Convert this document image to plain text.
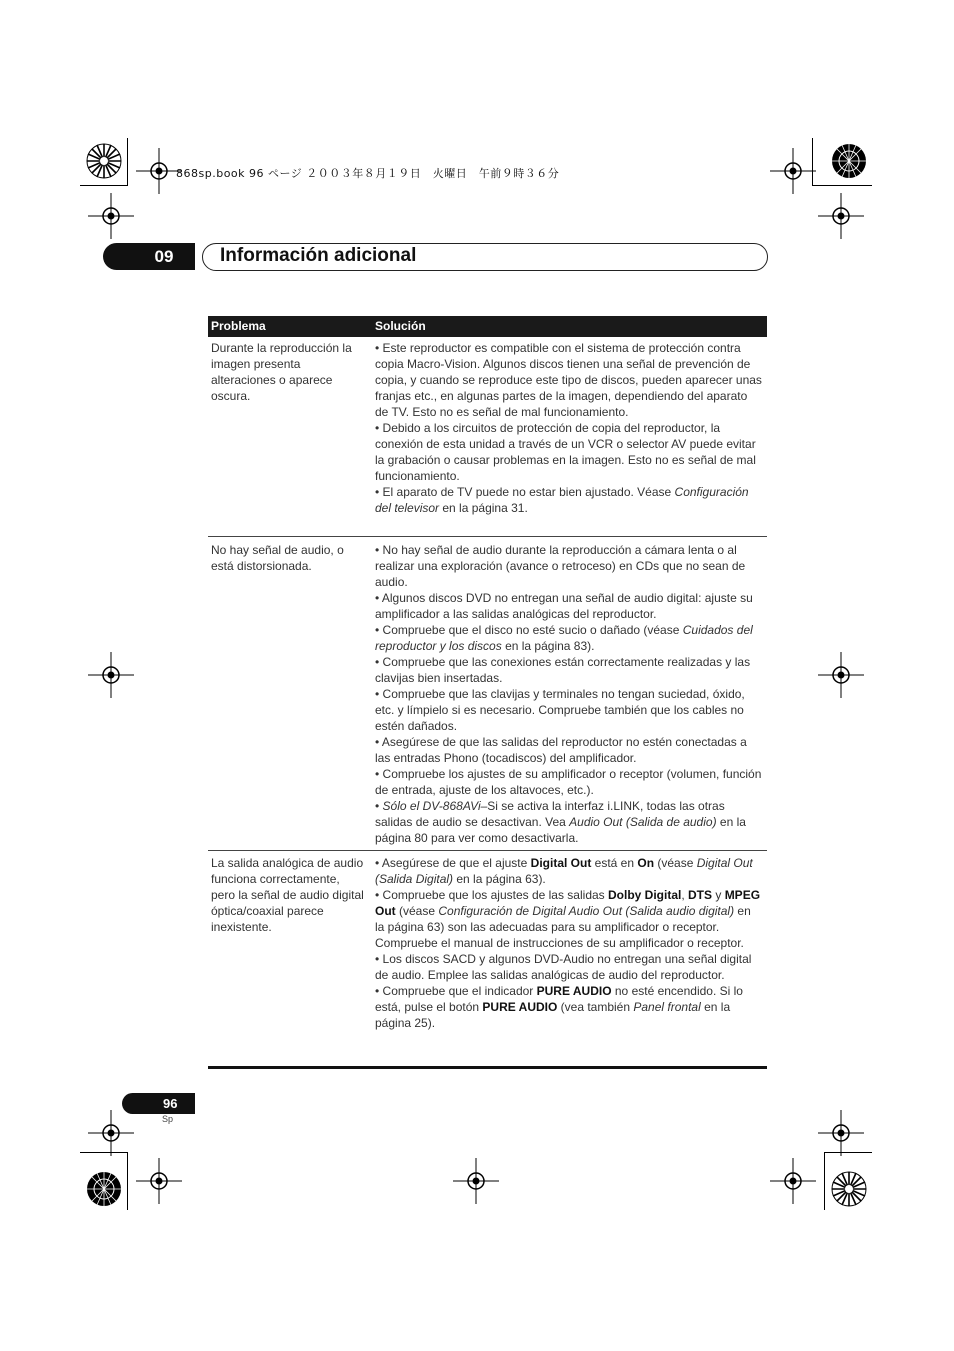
868sp.book 96 ページ ２００３年８月１９日　火曜日　午前９時３６分
09	Información adicional
Problema	Solución
Durante la reproducción la imagen presenta alteraciones o aparece oscura.

• Este reproductor es compatible con el sistema de protección contra copia Macro-Vision. Algunos discos tienen una señal de prevención de copia, y cuando se reproduce este tipo de discos, pueden aparecer unas franjas etc., en algunas partes de la imagen, dependiendo del aparato de TV. Esto no es señal de mal funcionamiento.

• Debido a los circuitos de protección de copia del reproductor, la conexión de esta unidad a través de un VCR o selector AV puede evitar la grabación o causar problemas en la imagen. Esto no es señal de mal funcionamiento.

• El aparato de TV puede no estar bien ajustado. Véase Configuración del televisor en la página 31.

No hay señal de audio, o está distorsionada.

• No hay señal de audio durante la reproducción a cámara lenta o al realizar una exploración (avance o retroceso) en CDs que no sean de audio.

• Algunos discos DVD no entregan una señal de audio digital: ajuste su amplificador a las salidas analógicas del reproductor.

• Compruebe que el disco no esté sucio o dañado (véase Cuidados del reproductor y los discos en la página 83).

• Compruebe que las conexiones están correctamente realizadas y las clavijas bien insertadas.

• Compruebe que las clavijas y terminales no tengan suciedad, óxido, etc. y límpielo si es necesario. Compruebe también que los cables no estén dañados.

• Asegúrese de que las salidas del reproductor no estén conectadas a las entradas Phono (tocadiscos) del amplificador.

• Compruebe los ajustes de su amplificador o receptor (volumen, función de entrada, ajuste de los altavoces, etc.).

• Sólo el DV-868AVi–Si se activa la interfaz i.LINK, todas las otras salidas de audio se desactivan. Vea Audio Out (Salida de audio) en la página 80 para ver como desactivarla.

La salida analógica de audio funciona correctamente, pero la señal de audio digital óptica/coaxial parece inexistente.

• Asegúrese de que el ajuste Digital Out está en On (véase Digital Out (Salida Digital) en la página 63).

• Compruebe que los ajustes de las salidas Dolby Digital, DTS y MPEG Out (véase Configuración de Digital Audio Out (Salida audio digital) en la página 63) son las adecuadas para su amplificador o receptor. Compruebe el manual de instrucciones de su amplificador o receptor.

• Los discos SACD y algunos DVD-Audio no entregan una señal digital de audio. Emplee las salidas analógicas de audio del reproductor.

• Compruebe que el indicador PURE AUDIO no esté encendido. Si lo está, pulse el botón PURE AUDIO (vea también Panel frontal en la página 25).

96
Sp
